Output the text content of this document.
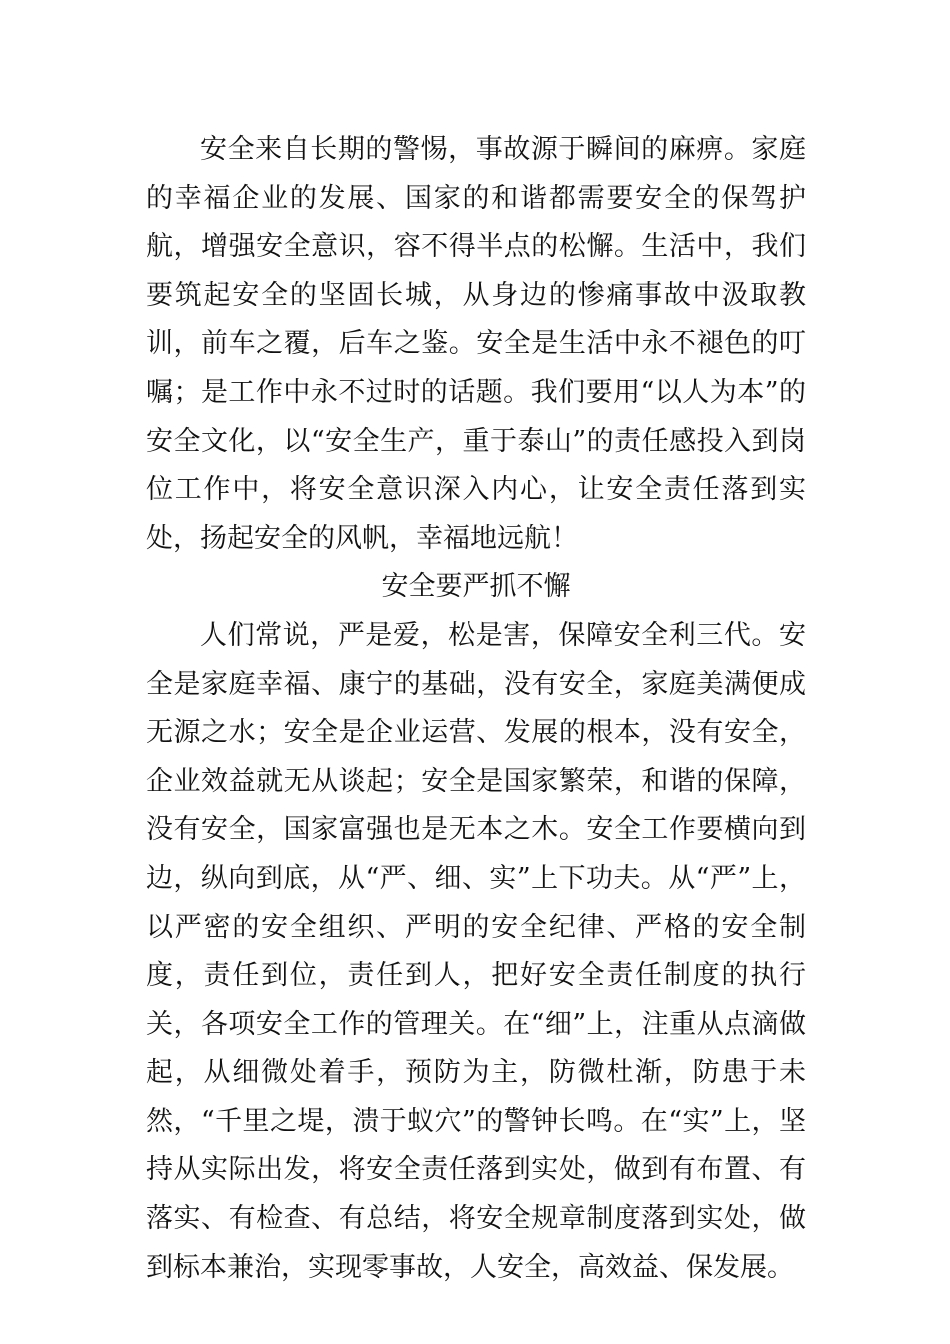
安全来自长期的警惕，事故源于瞬间的麻痹。家庭的幸福企业的发展、国家的和谐都需要安全的保驾护航，增强安全意识，容不得半点的松懈。生活中，我们要筑起安全的坚固长城，从身边的惨痛事故中汲取教训，前车之覆，后车之鉴。安全是生活中永不褪色的叮嘱；是工作中永不过时的话题。我们要用“以人为本”的安全文化，以“安全生产，重于泰山”的责任感投入到岗位工作中，将安全意识深入内心，让安全责任落到实处，扬起安全的风帆，幸福地远航！

安全要严抓不懈

人们常说，严是爱，松是害，保障安全利三代。安全是家庭幸福、康宁的基础，没有安全，家庭美满便成无源之水；安全是企业运营、发展的根本，没有安全，企业效益就无从谈起；安全是国家繁荣，和谐的保障，没有安全，国家富强也是无本之木。安全工作要横向到边，纵向到底，从“严、细、实”上下功夫。从“严”上，以严密的安全组织、严明的安全纪律、严格的安全制度，责任到位，责任到人，把好安全责任制度的执行关，各项安全工作的管理关。在“细”上，注重从点滴做起，从细微处着手，预防为主，防微杜渐，防患于未然，“千里之堤，溃于蚁穴”的警钟长鸣。在“实”上，坚持从实际出发，将安全责任落到实处，做到有布置、有落实、有检查、有总结，将安全规章制度落到实处，做到标本兼治，实现零事故，人安全，高效益、保发展。
